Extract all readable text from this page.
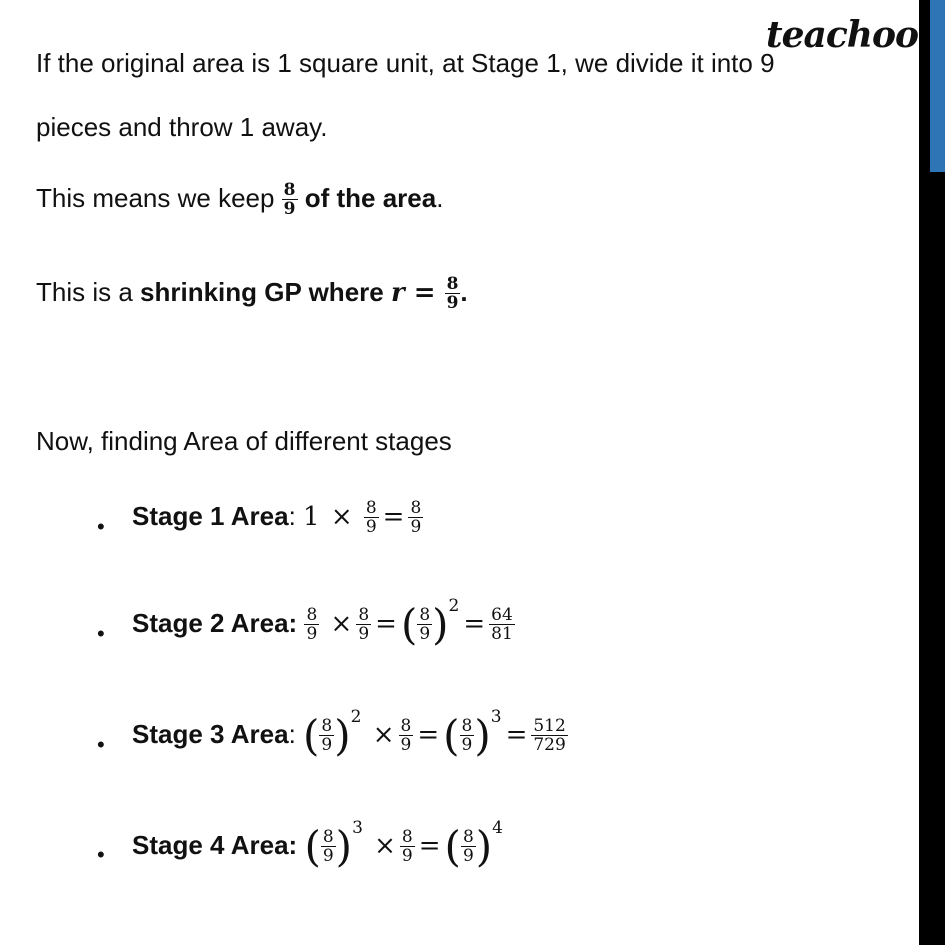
teachoo
If the original area is 1 square unit, at Stage 1, we divide it into 9
pieces and throw 1 away.
This means we keep $\frac{8}{9}$ of the area.
This is a shrinking GP where $r = \frac{8}{9}$ .
Now, finding Area of different stages
• Stage 1 Area: $1 \times \frac{8}{9} = \frac{8}{9}$
• Stage 2 Area: $\frac{8}{9} \times \frac{8}{9}$ =( $\frac{8}{9} )^2= \frac{64}{81}$
• Stage 3 Area: ( $\frac{8}{9} )^2 \times \frac{8}{9}$ =( $\frac{8}{9} )^3= \frac{512}{729}$
• Stage 4 Area: ( $\frac{8}{9} )^3 \times \frac{8}{9}$ =( $\frac{8}{9} )^4$
